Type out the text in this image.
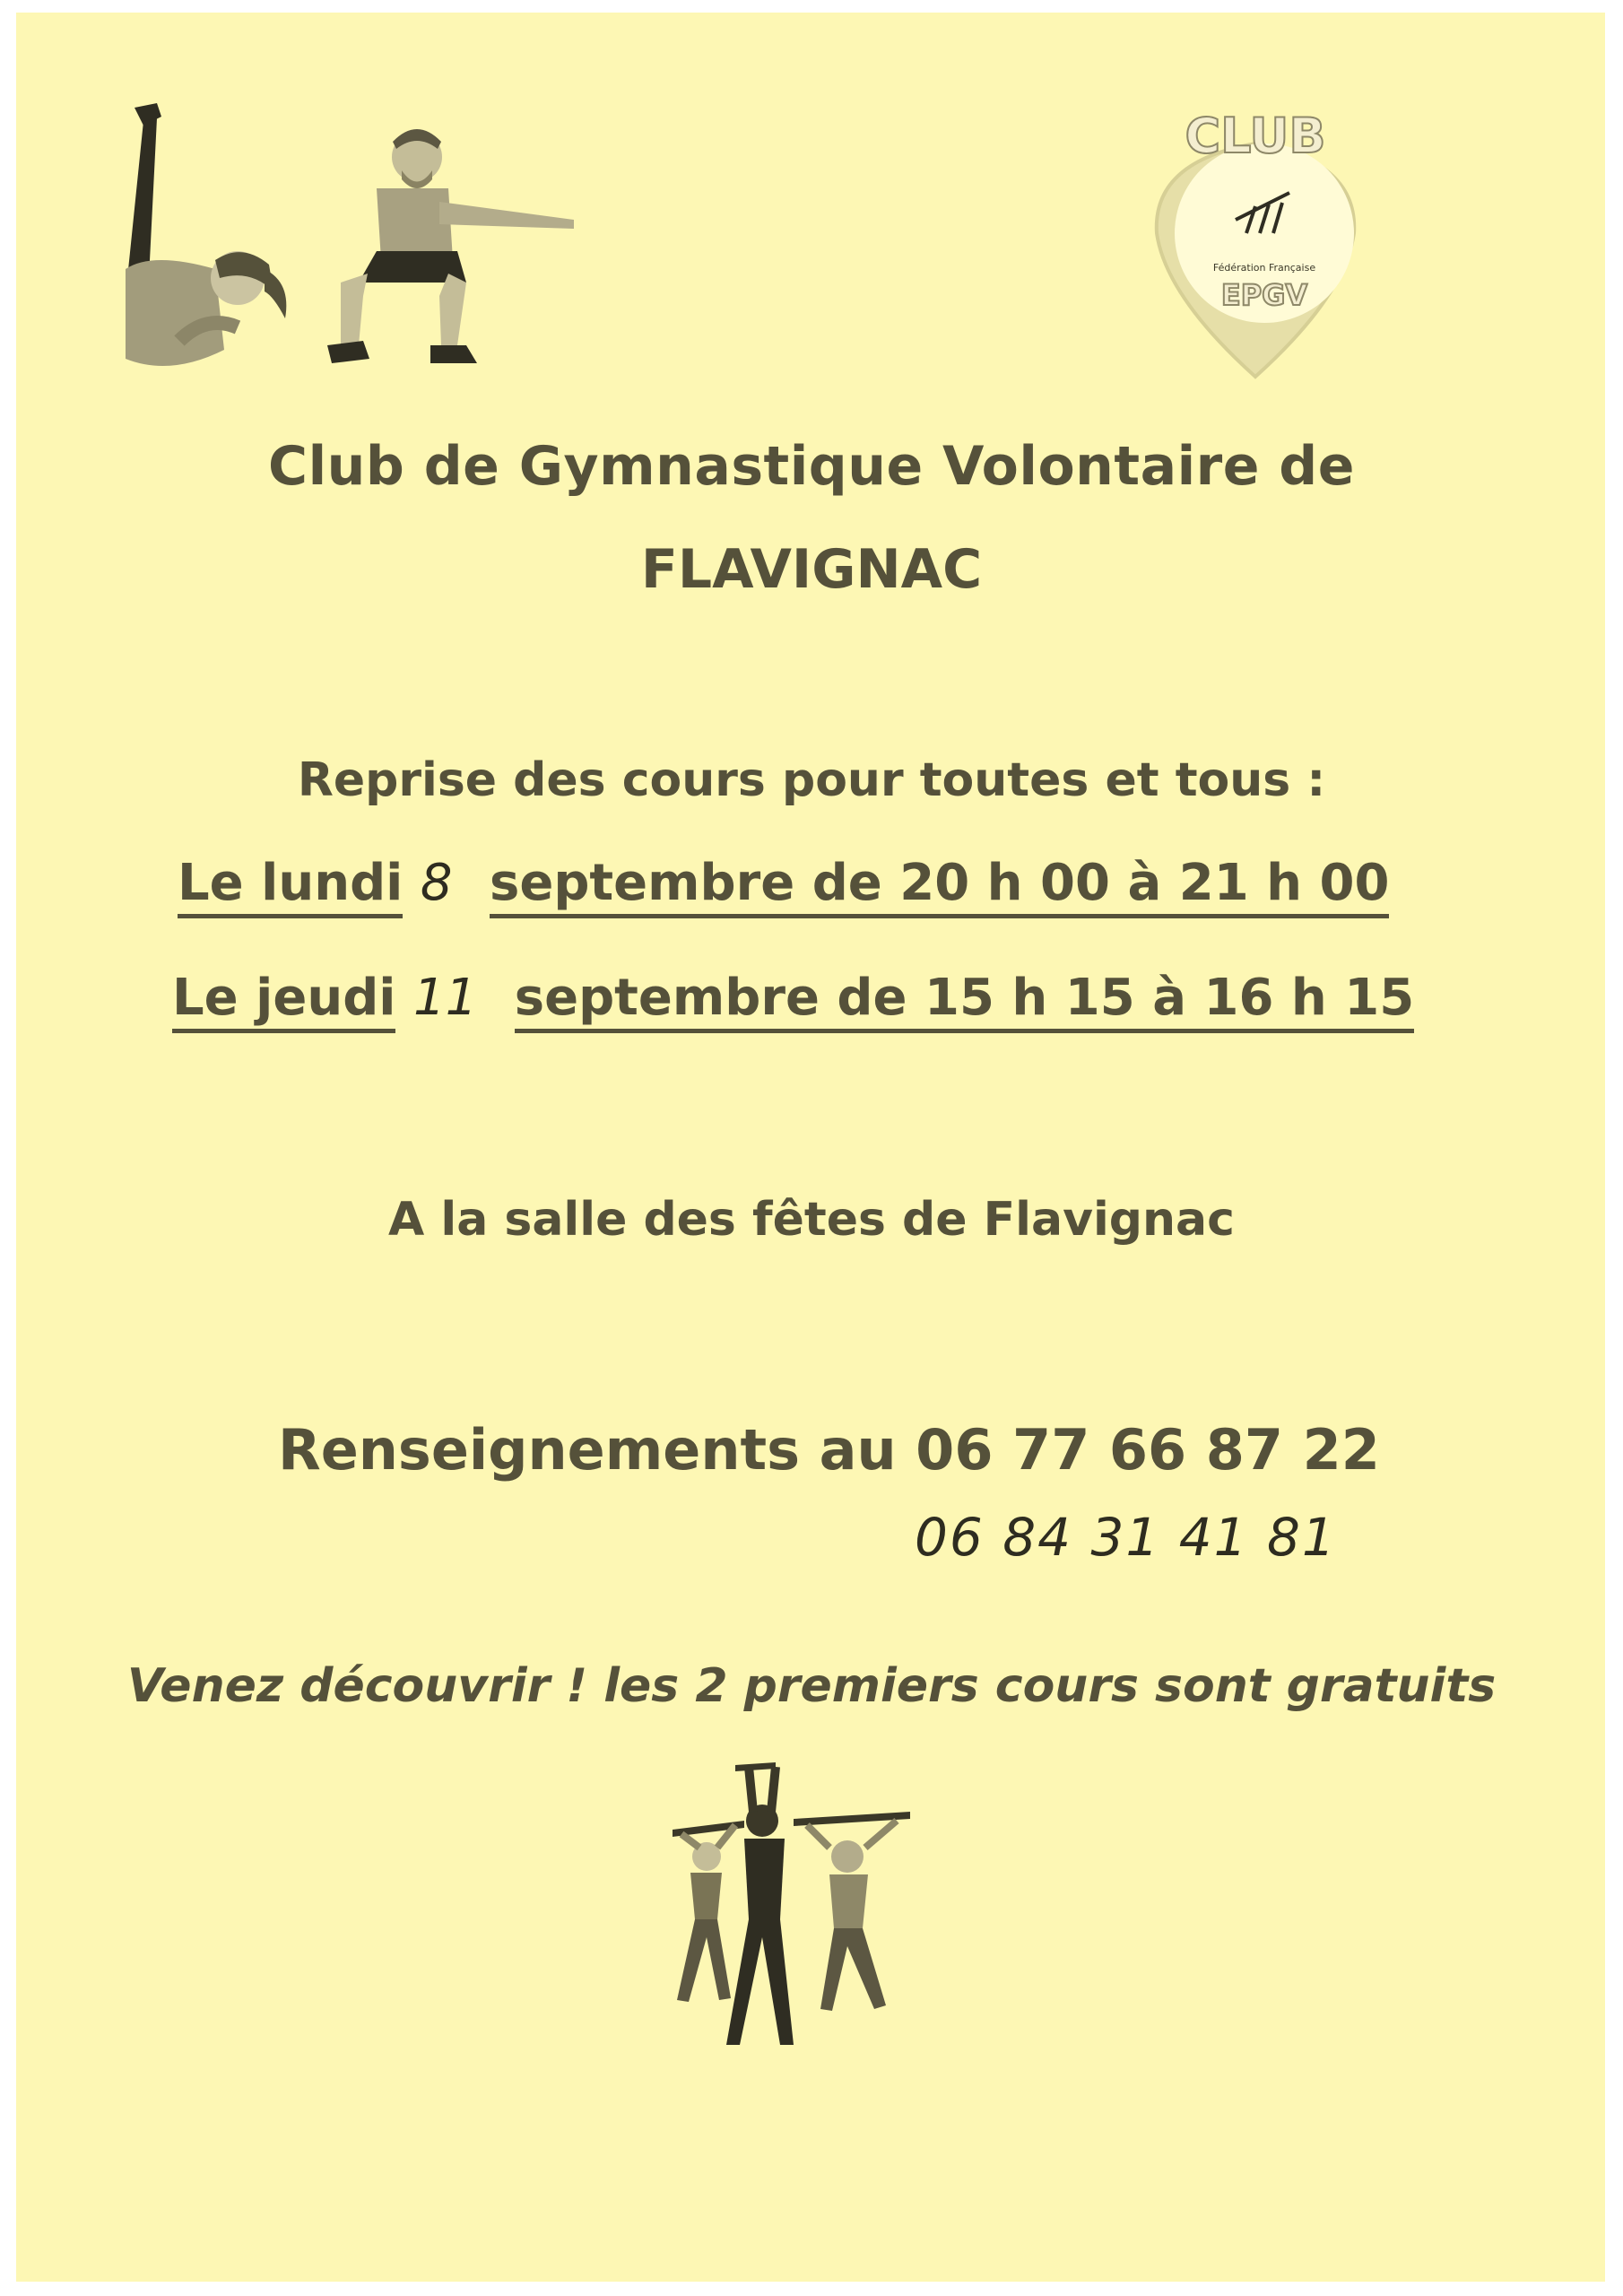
CLUB
Fédération Française
EPGV
Club de Gymnastique Volontaire de
FLAVIGNAC
Reprise des cours pour toutes et tous :
Le lundi 8 septembre de 20 h 00 à 21 h 00
Le jeudi 11 septembre de 15 h 15 à 16 h 15
A la salle des fêtes de Flavignac
Renseignements au 06 77 66 87 22
06 84 31 41 81
Venez découvrir ! les 2 premiers cours sont gratuits
